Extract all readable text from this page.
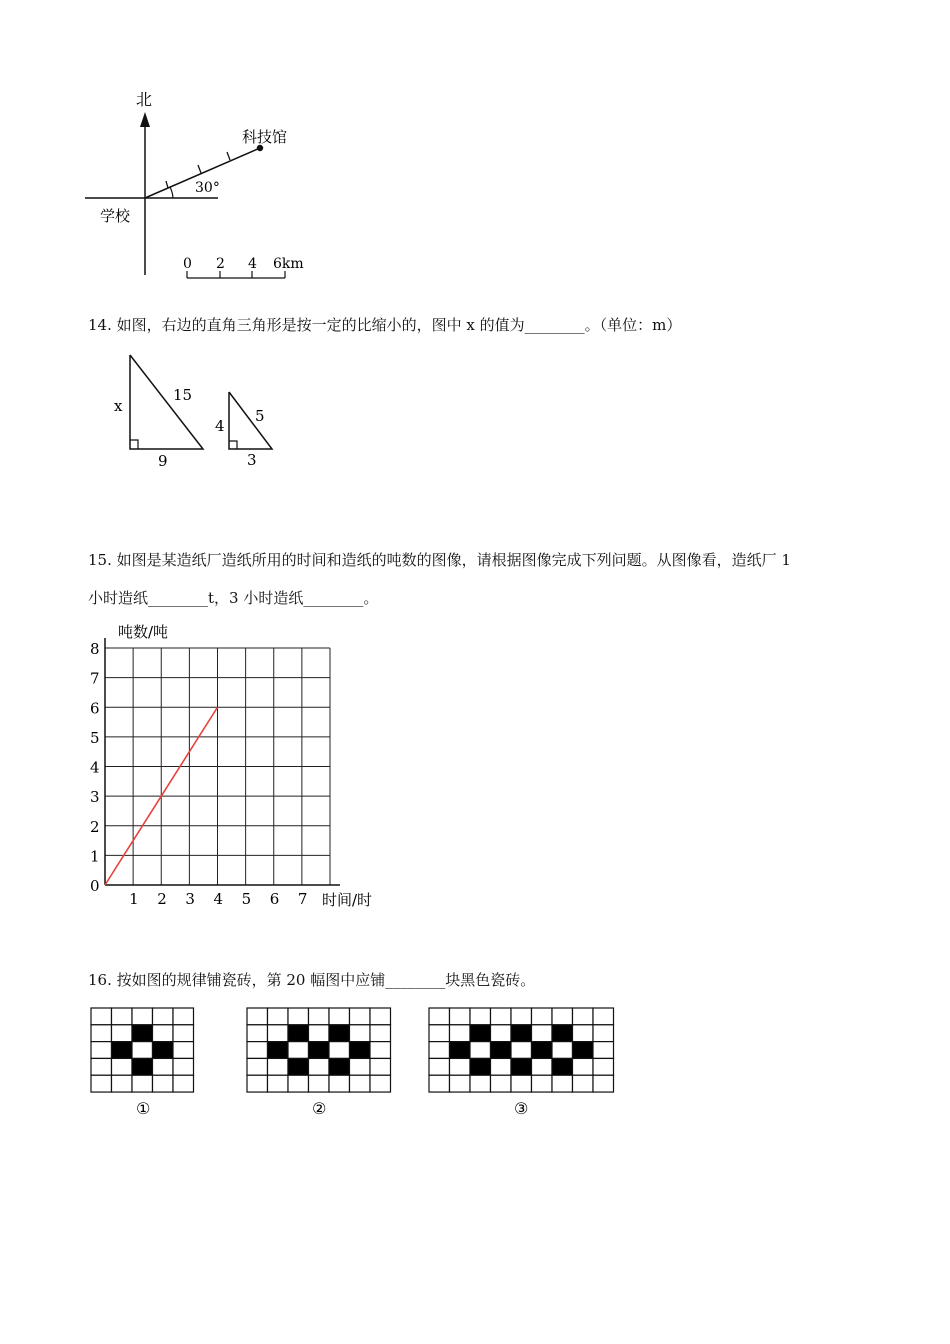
北
30°
科技馆
学校
0 2 4 6km
14. 如图，右边的直角三角形是按一定的比缩小的，图中 x 的值为________。（单位：m）
x
15
9
4
5
3
15. 如图是某造纸厂造纸所用的时间和造纸的吨数的图像，请根据图像完成下列问题。从图像看，造纸厂 1
小时造纸________t，3 小时造纸________。
0
1
2
3
4
5
6
7
8
1 2 3 4 5 6 7
吨数/吨
时间/时
16. 按如图的规律铺瓷砖，第 20 幅图中应铺________块黑色瓷砖。
①	②	③
